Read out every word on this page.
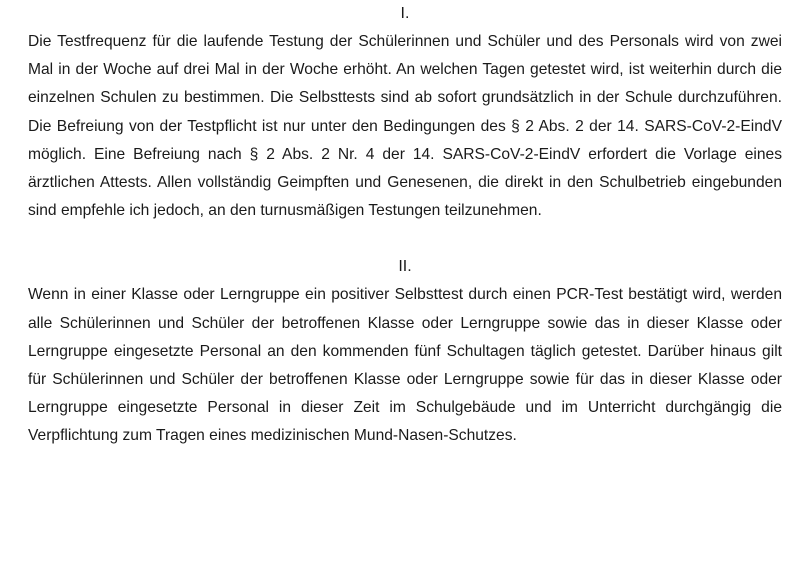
I.

Die Testfrequenz für die laufende Testung der Schülerinnen und Schüler und des Personals wird von zwei Mal in der Woche auf drei Mal in der Woche erhöht. An welchen Tagen getestet wird, ist weiterhin durch die einzelnen Schulen zu bestimmen. Die Selbsttests sind ab sofort grundsätzlich in der Schule durchzuführen. Die Befreiung von der Testpflicht ist nur unter den Bedingungen des § 2 Abs. 2 der 14. SARS-CoV-2-EindV möglich. Eine Befreiung nach § 2 Abs. 2 Nr. 4 der 14. SARS-CoV-2-EindV erfordert die Vorlage eines ärztlichen Attests. Allen vollständig Geimpften und Genesenen, die direkt in den Schulbetrieb eingebunden sind empfehle ich jedoch, an den turnusmäßigen Testungen teilzunehmen.

II.

Wenn in einer Klasse oder Lerngruppe ein positiver Selbsttest durch einen PCR-Test bestätigt wird, werden alle Schülerinnen und Schüler der betroffenen Klasse oder Lerngruppe sowie das in dieser Klasse oder Lerngruppe eingesetzte Personal an den kommenden fünf Schultagen täglich getestet. Darüber hinaus gilt für Schülerinnen und Schüler der betroffenen Klasse oder Lerngruppe sowie für das in dieser Klasse oder Lerngruppe eingesetzte Personal in dieser Zeit im Schulgebäude und im Unterricht durchgängig die Verpflichtung zum Tragen eines medizinischen Mund-Nasen-Schutzes.
